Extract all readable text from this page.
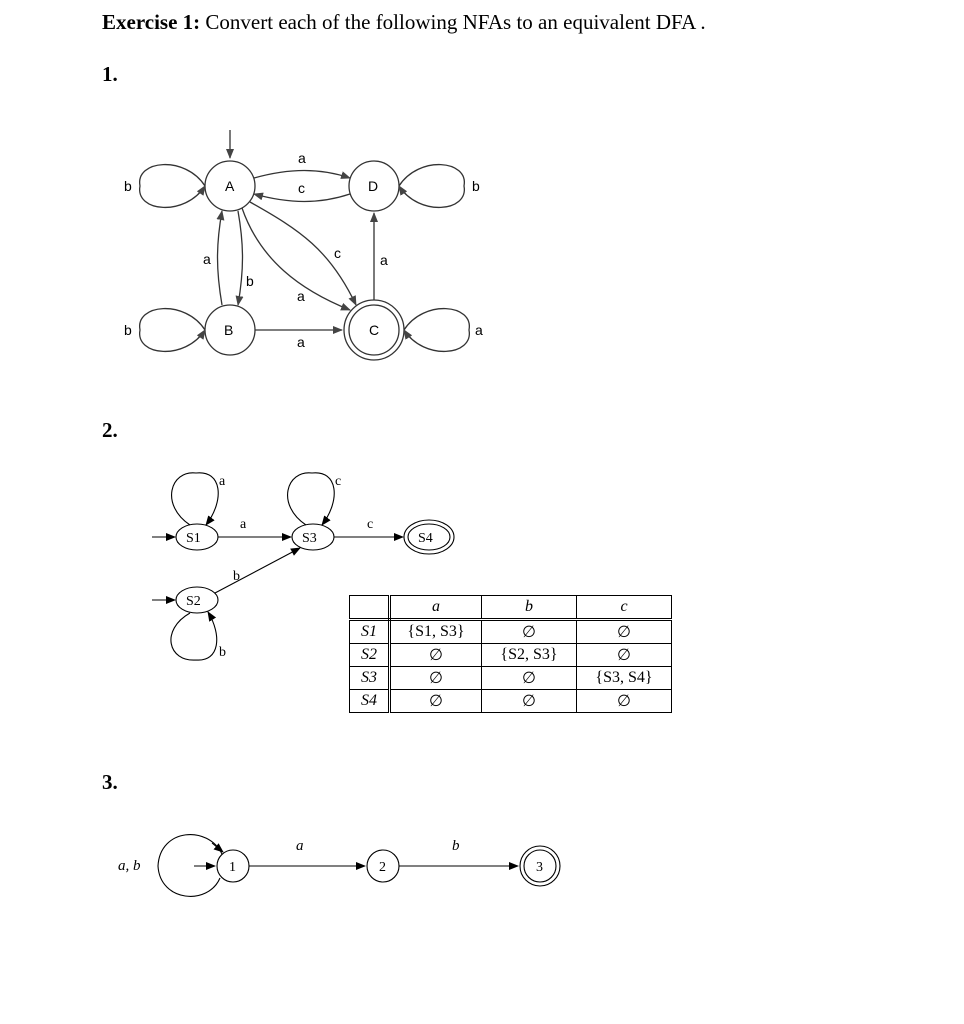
Exercise 1: Convert each of the following NFAs to an equivalent DFA .
1.
2.
3.
A	D
B	C
b	b
b	a
a
c
a
b
c
a
a
a
S1	S3	S4
S2
a	c
b
a	c
b
1	2	3
a, b
a	b
	a	b	c
S1	{S1, S3}	∅	∅
S2	∅	{S2, S3}	∅
S3	∅	∅	{S3, S4}
S4	∅	∅	∅
